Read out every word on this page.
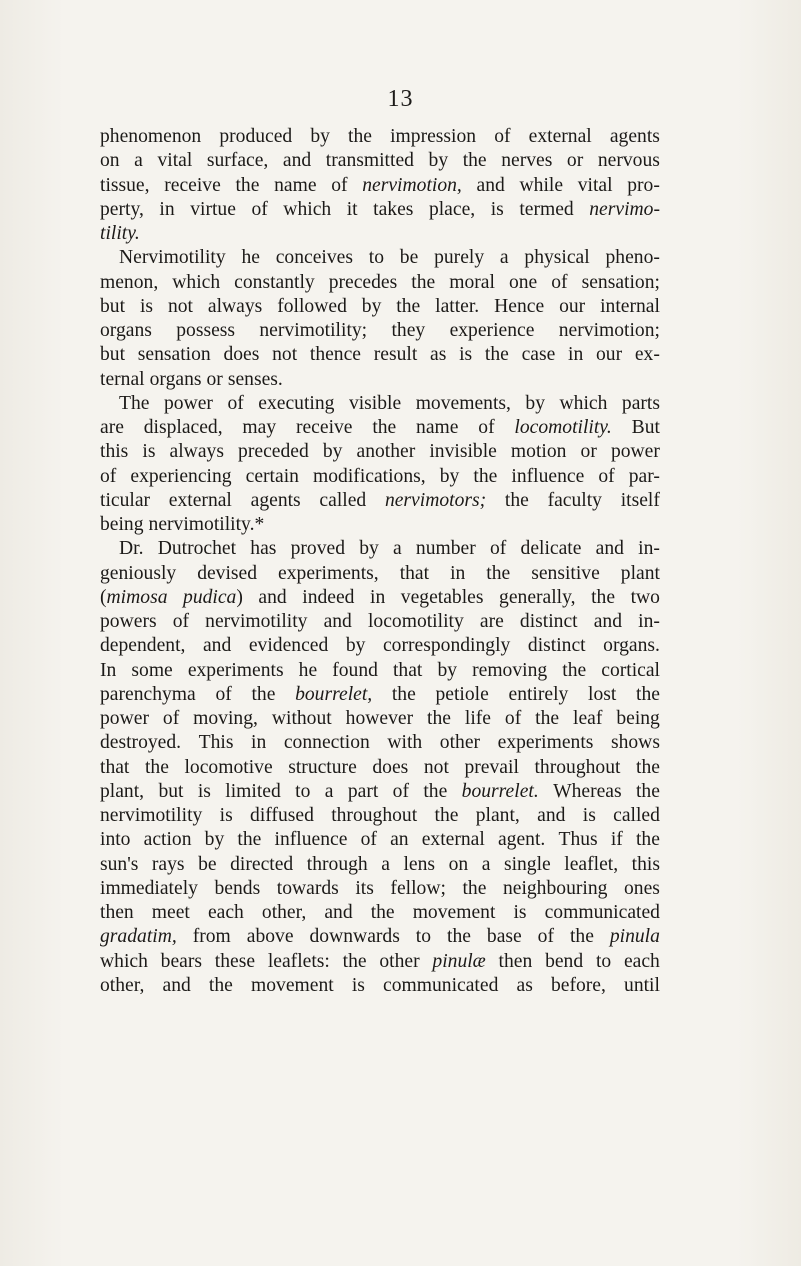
13
phenomenon produced by the impression of external agents
on a vital surface, and transmitted by the nerves or nervous
tissue, receive the name of nervimotion, and while vital pro-
perty, in virtue of which it takes place, is termed nervimo-
tility.
Nervimotility he conceives to be purely a physical pheno-
menon, which constantly precedes the moral one of sensation;
but is not always followed by the latter. Hence our internal
organs possess nervimotility; they experience nervimotion;
but sensation does not thence result as is the case in our ex-
ternal organs or senses.
The power of executing visible movements, by which parts
are displaced, may receive the name of locomotility. But
this is always preceded by another invisible motion or power
of experiencing certain modifications, by the influence of par-
ticular external agents called nervimotors; the faculty itself
being nervimotility.*
Dr. Dutrochet has proved by a number of delicate and in-
geniously devised experiments, that in the sensitive plant
(mimosa pudica) and indeed in vegetables generally, the two
powers of nervimotility and locomotility are distinct and in-
dependent, and evidenced by correspondingly distinct organs.
In some experiments he found that by removing the cortical
parenchyma of the bourrelet, the petiole entirely lost the
power of moving, without however the life of the leaf being
destroyed. This in connection with other experiments shows
that the locomotive structure does not prevail throughout the
plant, but is limited to a part of the bourrelet. Whereas the
nervimotility is diffused throughout the plant, and is called
into action by the influence of an external agent. Thus if the
sun's rays be directed through a lens on a single leaflet, this
immediately bends towards its fellow; the neighbouring ones
then meet each other, and the movement is communicated
gradatim, from above downwards to the base of the pinula
which bears these leaflets: the other pinulæ then bend to each
other, and the movement is communicated as before, until
